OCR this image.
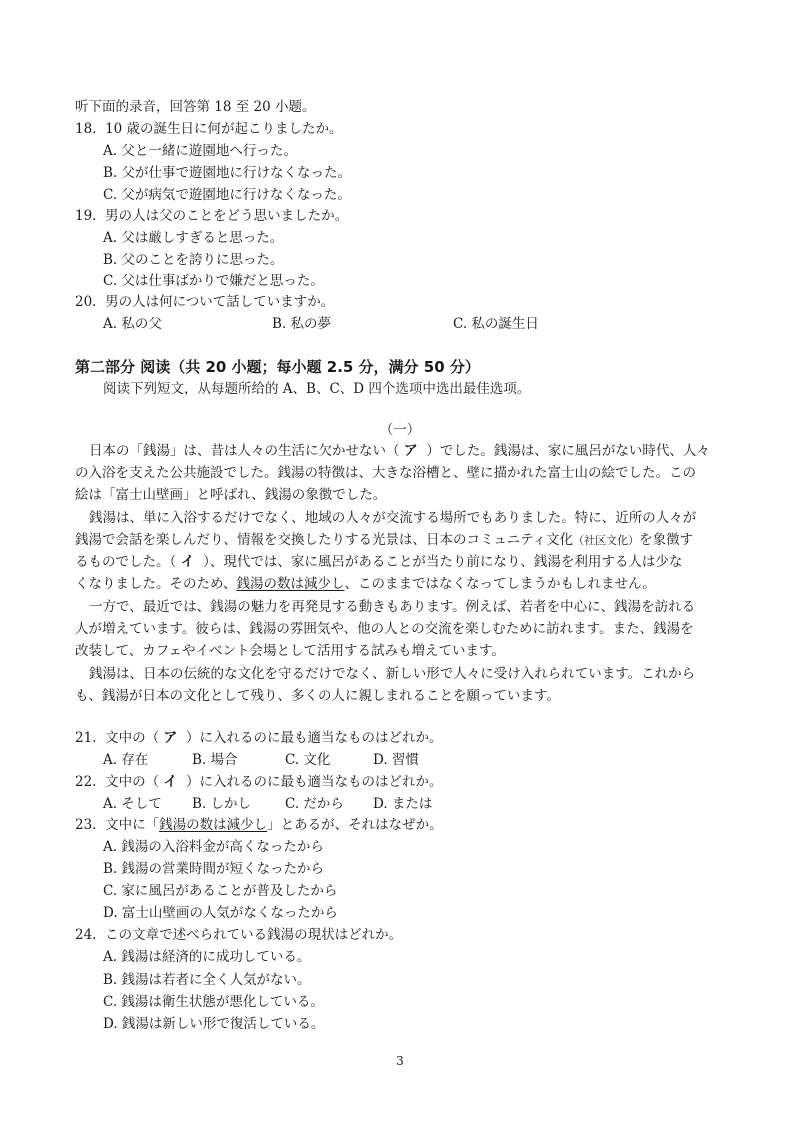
听下面的录音，回答第 18 至 20 小题。
18. 10 歳の誕生日に何が起こりましたか。
A. 父と一緒に遊園地へ行った。
B. 父が仕事で遊園地に行けなくなった。
C. 父が病気で遊園地に行けなくなった。
19. 男の人は父のことをどう思いましたか。
A. 父は厳しすぎると思った。
B. 父のことを誇りに思った。
C. 父は仕事ばかりで嫌だと思った。
20. 男の人は何について話していますか。
A. 私の父	B. 私の夢	C. 私の誕生日
第二部分 阅读（共 20 小题；每小题 2.5 分，满分 50 分）
阅读下列短文，从每题所给的 A、B、C、D 四个选项中选出最佳选项。
（一）
日本の「銭湯」は、昔は人々の生活に欠かせない（ ア ）でした。銭湯は、家に風呂がない時代、人々
の入浴を支えた公共施設でした。銭湯の特徴は、大きな浴槽と、壁に描かれた富士山の絵でした。この
絵は「富士山壁画」と呼ばれ、銭湯の象徴でした。
銭湯は、単に入浴するだけでなく、地域の人々が交流する場所でもありました。特に、近所の人々が
銭湯で会話を楽しんだり、情報を交換したりする光景は、日本のコミュニティ文化（社区文化）を象徴す
るものでした。（ イ ）、現代では、家に風呂があることが当たり前になり、銭湯を利用する人は少な
くなりました。そのため、銭湯の数は減少し、このままではなくなってしまうかもしれません。
一方で、最近では、銭湯の魅力を再発見する動きもあります。例えば、若者を中心に、銭湯を訪れる
人が増えています。彼らは、銭湯の雰囲気や、他の人との交流を楽しむために訪れます。また、銭湯を
改装して、カフェやイベント会場として活用する試みも増えています。
銭湯は、日本の伝統的な文化を守るだけでなく、新しい形で人々に受け入れられています。これから
も、銭湯が日本の文化として残り、多くの人に親しまれることを願っています。
21. 文中の（ ア ）に入れるのに最も適当なものはどれか。
A. 存在	B. 場合	C. 文化	D. 習慣
22. 文中の（ イ ）に入れるのに最も適当なものはどれか。
A. そして B. しかし	C. だから D. または
23. 文中に「銭湯の数は減少し」とあるが、それはなぜか。
A. 銭湯の入浴料金が高くなったから
B. 銭湯の営業時間が短くなったから
C. 家に風呂があることが普及したから
D. 富士山壁画の人気がなくなったから
24. この文章で述べられている銭湯の現状はどれか。
A. 銭湯は経済的に成功している。
B. 銭湯は若者に全く人気がない。
C. 銭湯は衛生状態が悪化している。
D. 銭湯は新しい形で復活している。
3
